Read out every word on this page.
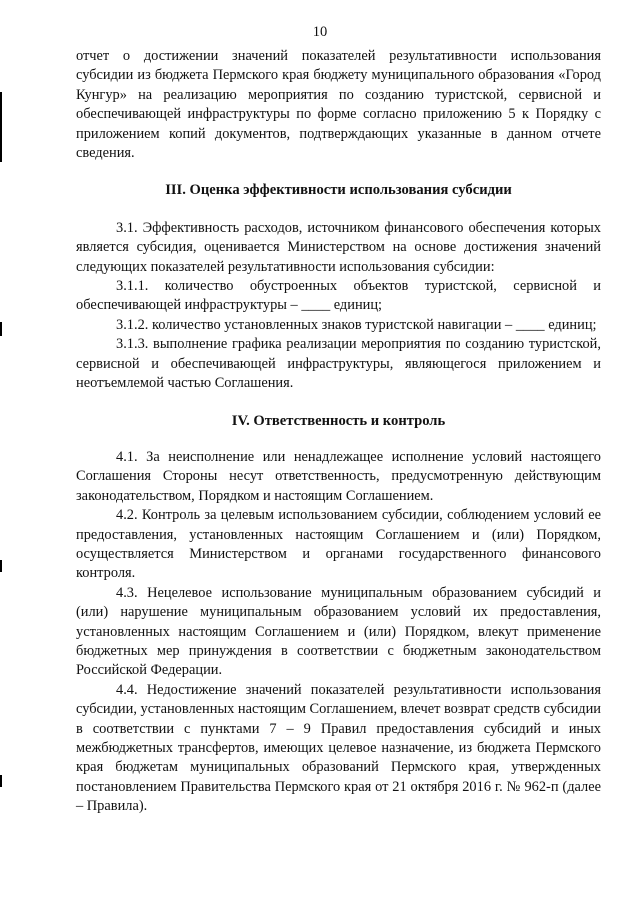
10

отчет о достижении значений показателей результативности использования субсидии из бюджета Пермского края бюджету муниципального образования «Город Кунгур» на реализацию мероприятия по созданию туристской, сервисной и обеспечивающей инфраструктуры по форме согласно приложению 5 к Порядку с приложением копий документов, подтверждающих указанные в данном отчете сведения.

III. Оценка эффективности использования субсидии

3.1. Эффективность расходов, источником финансового обеспечения которых является субсидия, оценивается Министерством на основе достижения значений следующих показателей результативности использования субсидии:

3.1.1. количество обустроенных объектов туристской, сервисной и обеспечивающей инфраструктуры – ____ единиц;

3.1.2. количество установленных знаков туристской навигации – ____ единиц;

3.1.3. выполнение графика реализации мероприятия по созданию туристской, сервисной и обеспечивающей инфраструктуры, являющегося приложением и неотъемлемой частью Соглашения.

IV. Ответственность и контроль

4.1. За неисполнение или ненадлежащее исполнение условий настоящего Соглашения Стороны несут ответственность, предусмотренную действующим законодательством, Порядком и настоящим Соглашением.

4.2. Контроль за целевым использованием субсидии, соблюдением условий ее предоставления, установленных настоящим Соглашением и (или) Порядком, осуществляется Министерством и органами государственного финансового контроля.

4.3. Нецелевое использование муниципальным образованием субсидий и (или) нарушение муниципальным образованием условий их предоставления, установленных настоящим Соглашением и (или) Порядком, влекут применение бюджетных мер принуждения в соответствии с бюджетным законодательством Российской Федерации.

4.4. Недостижение значений показателей результативности использования субсидии, установленных настоящим Соглашением, влечет возврат средств субсидии в соответствии с пунктами 7 – 9 Правил предоставления субсидий и иных межбюджетных трансфертов, имеющих целевое назначение, из бюджета Пермского края бюджетам муниципальных образований Пермского края, утвержденных постановлением Правительства Пермского края от 21 октября 2016 г. № 962-п (далее – Правила).
